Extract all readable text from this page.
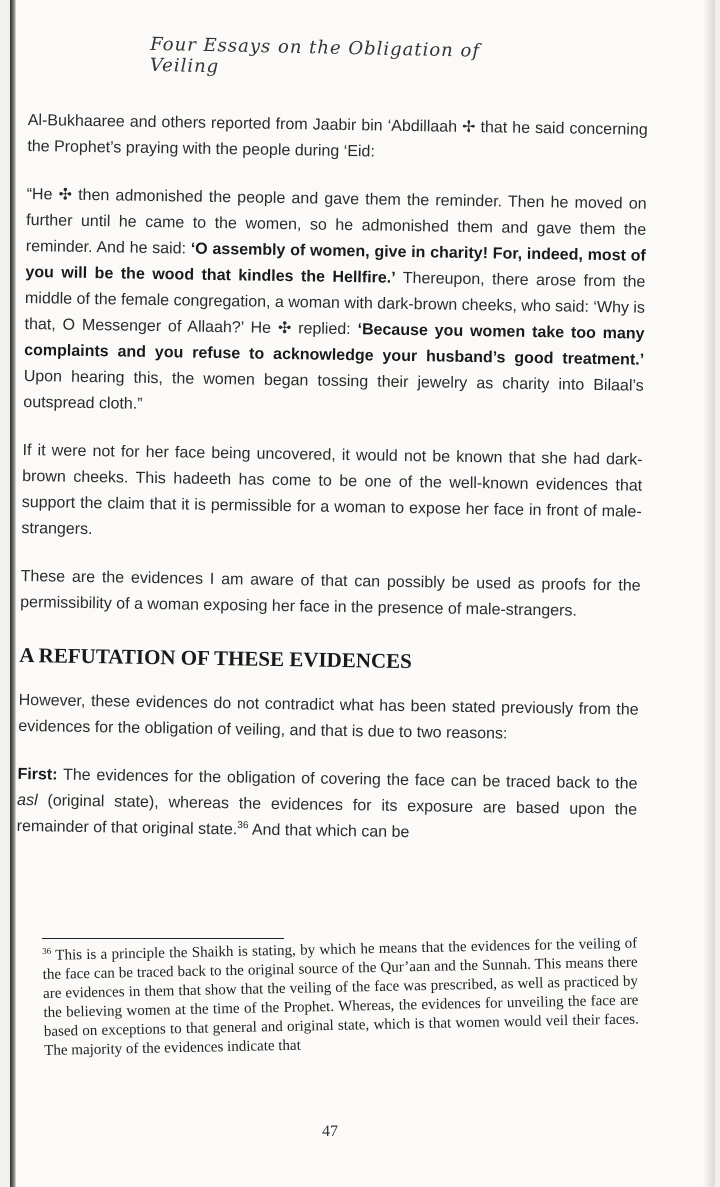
Four Essays on the Obligation of Veiling

Al-Bukhaaree and others reported from Jaabir bin ‘Abdillaah ✢ that he said concerning the Prophet’s praying with the people during ‘Eid:

“He ✣ then admonished the people and gave them the reminder. Then he moved on further until he came to the women, so he admonished them and gave them the reminder. And he said: ‘O assembly of women, give in charity! For, indeed, most of you will be the wood that kindles the Hellfire.’ Thereupon, there arose from the middle of the female congregation, a woman with dark-brown cheeks, who said: ‘Why is that, O Messenger of Allaah?’ He ✣ replied: ‘Because you women take too many complaints and you refuse to acknowledge your husband’s good treatment.’ Upon hearing this, the women began tossing their jewelry as charity into Bilaal’s outspread cloth.”

If it were not for her face being uncovered, it would not be known that she had dark-brown cheeks. This hadeeth has come to be one of the well-known evidences that support the claim that it is permissible for a woman to expose her face in front of male-strangers.

These are the evidences I am aware of that can possibly be used as proofs for the permissibility of a woman exposing her face in the presence of male-strangers.

A REFUTATION OF THESE EVIDENCES

However, these evidences do not contradict what has been stated previously from the evidences for the obligation of veiling, and that is due to two reasons:

First: The evidences for the obligation of covering the face can be traced back to the asl (original state), whereas the evidences for its exposure are based upon the remainder of that original state.$^{36}$ And that which can be

$^{36}$ This is a principle the Shaikh is stating, by which he means that the evidences for the veiling of the face can be traced back to the original source of the Qur’aan and the Sunnah. This means there are evidences in them that show that the veiling of the face was prescribed, as well as practiced by the believing women at the time of the Prophet. Whereas, the evidences for unveiling the face are based on exceptions to that general and original state, which is that women would veil their faces. The majority of the evidences indicate that
47
